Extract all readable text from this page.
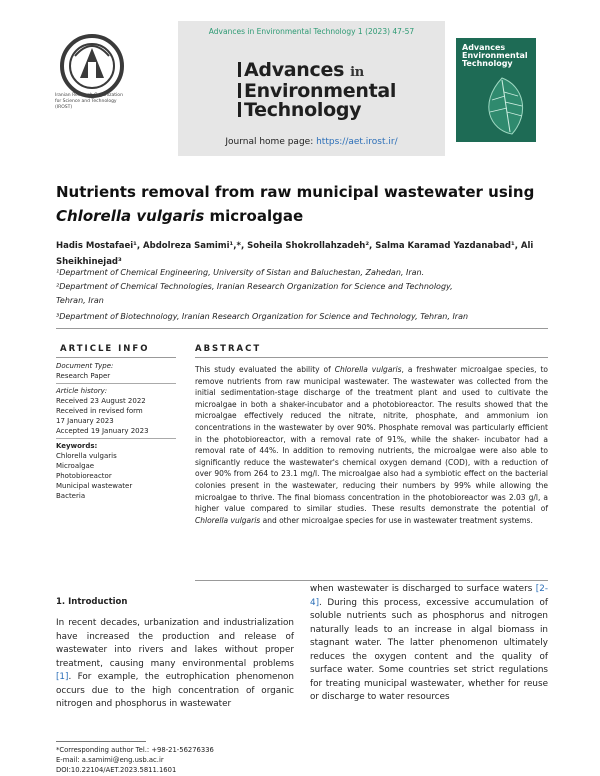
Advances in Environmental Technology 1 (2023) 47-57
Advances in
Environmental
Technology
Journal home page: https://aet.irost.ir/
Iranian Research Organization for Science and Technology (IROST)
Advances Environmental Technology
Nutrients removal from raw municipal wastewater using
Chlorella vulgaris microalgae
Hadis Mostafaei¹, Abdolreza Samimi¹,*, Soheila Shokrollahzadeh², Salma Karamad Yazdanabad¹, Ali
Sheikhinejad³
¹Department of Chemical Engineering, University of Sistan and Baluchestan, Zahedan, Iran.
²Department of Chemical Technologies, Iranian Research Organization for Science and Technology,
Tehran, Iran
³Department of Biotechnology, Iranian Research Organization for Science and Technology, Tehran, Iran
ARTICLE INFO	ABSTRACT
Document Type:
Research Paper
Article history:
Received 23 August 2022
Received in revised form
17 January 2023
Accepted 19 January 2023
Keywords:
Chlorella vulgaris
Microalgae
Photobioreactor
Municipal wastewater
Bacteria
This study evaluated the ability of Chlorella vulgaris, a freshwater microalgae species, to remove nutrients from raw municipal wastewater. The wastewater was collected from the initial sedimentation-stage discharge of the treatment plant and used to cultivate the microalgae in both a shaker-incubator and a photobioreactor. The results showed that the microalgae effectively reduced the nitrate, nitrite, phosphate, and ammonium ion concentrations in the wastewater by over 90%. Phosphate removal was particularly efficient in the photobioreactor, with a removal rate of 91%, while the shaker- incubator had a removal rate of 44%. In addition to removing nutrients, the microalgae were also able to significantly reduce the wastewater's chemical oxygen demand (COD), with a reduction of over 90% from 264 to 23.1 mg/l. The microalgae also had a symbiotic effect on the bacterial colonies present in the wastewater, reducing their numbers by 99% while allowing the microalgae to thrive. The final biomass concentration in the photobioreactor was 2.03 g/l, a higher value compared to similar studies. These results demonstrate the potential of Chlorella vulgaris and other microalgae species for use in wastewater treatment systems.
1. Introduction
In recent decades, urbanization and industrialization have increased the production and release of wastewater into rivers and lakes without proper treatment, causing many environmental problems [1]. For example, the eutrophication phenomenon occurs due to the high concentration of organic nitrogen and phosphorus in wastewater
when wastewater is discharged to surface waters [2-4]. During this process, excessive accumulation of soluble nutrients such as phosphorus and nitrogen naturally leads to an increase in algal biomass in stagnant water. The latter phenomenon ultimately reduces the oxygen content and the quality of surface water. Some countries set strict regulations for treating municipal wastewater, whether for reuse or discharge to water resources
*Corresponding author Tel.: +98-21-56276336
E-mail: a.samimi@eng.usb.ac.ir
DOI:10.22104/AET.2023.5811.1601
